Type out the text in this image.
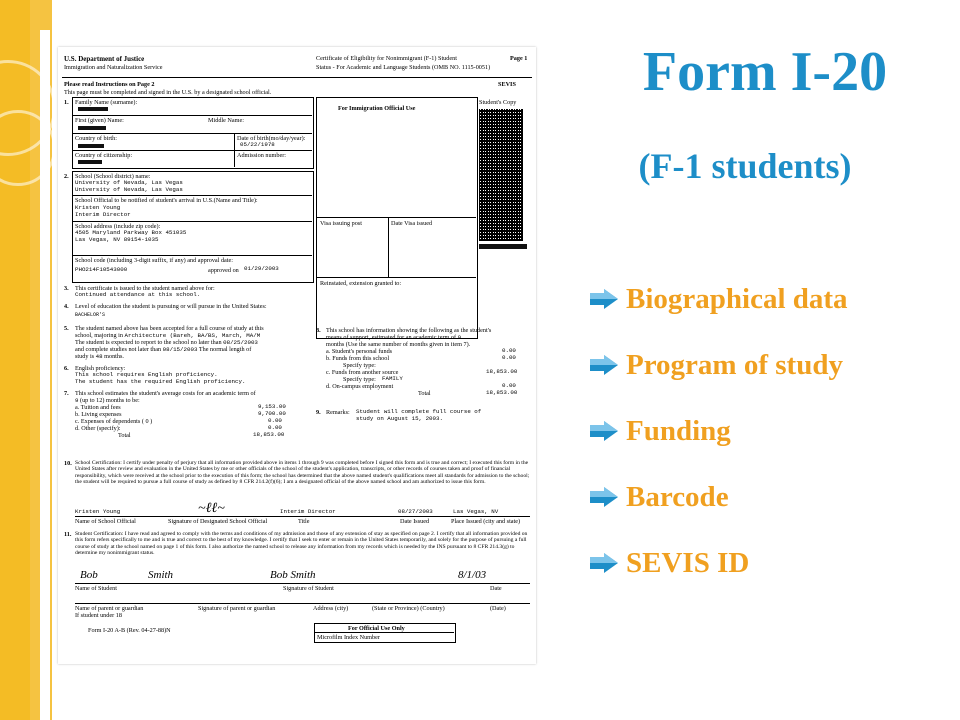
U.S. Department of Justice
Immigration and Naturalization Service
Certificate of Eligibility for Nonimmigrant (F-1) Student
Status - For Academic and Language Students (OMB NO. 1115-0051)
Page 1
Please read Instructions on Page 2	SEVIS
This page must be completed and signed in the U.S. by a designated school official.
1. Family Name (surname):
First (given) Name:	Middle Name:
Country of birth:	Date of birth(mo/day/year):
05/22/1978
Country of citizenship:	Admission number:
For Immigration Official Use
Student's Copy
Visa issuing post	Date Visa issued
Reinstated, extension granted to:
2. School (School district) name:
University of Nevada, Las Vegas
University of Nevada, Las Vegas
School Official to be notified of student's arrival in U.S.(Name and Title):
Kristen Young
Interim Director
School address (include zip code):
4505 Maryland Parkway Box 451035
Las Vegas, NV 89154-1035
School code (including 3-digit suffix, if any) and approval date:
PHO214F10543000	approved on 01/29/2003
3. This certificate is issued to the student named above for:
Continued attendance at this school.
4. Level of education the student is pursuing or will pursue in the United States:
BACHELOR'S
5. The student named above has been accepted for a full course of study at this
school, majoring in Architecture (Bareh, BA/BS, March, MA/M
The student is expected to report to the school no later than 08/25/2003
and complete studies not later than 08/15/2003 The normal length of
study is 48 months.
6. English proficiency:
This school requires English proficiency.
The student has the required English proficiency.
7. This school estimates the student's average costs for an academic term of
9 (up to 12) months to be:
a. Tuition and fees	9,153.00
b. Living expenses	9,700.00
c. Expenses of dependents ( 0 )	0.00
d. Other (specify):	0.00
Total	18,853.00
8. This school has information showing the following as the student's
means of support, estimated for an academic term of 9
months (Use the same number of months given in item 7).
a. Student's personal funds	0.00
b. Funds from this school	0.00
Specify type:
c. Funds from another source	18,853.00
Specify type: FAMILY
d. On-campus employment	0.00
Total	18,853.00
9. Remarks: Student will complete full course of
study on August 15, 2003.
10. School Certification: I certify under penalty of perjury that all information provided above in items 1 through 9 was completed before I signed this form and is true and correct; I executed this form in the United States after review and evaluation in the United States by me or other officials of the school of the student's application, transcripts, or other records of courses taken and proof of financial responsibility, which were received at the school prior to the execution of this form; the school has determined that the above named student's qualifications meet all standards for admission to the school; the student will be required to pursue a full course of study as defined by 8 CFR 214.2(f)(6); I am a designated official of the above named school and am authorized to issue this form.
Kristen Young	~ℓℓ~	Interim Director	08/27/2003	Las Vegas, NV
Name of School Official	Signature of Designated School Official	Title	Date Issued	Place Issued (city and state)
11. Student Certification: I have read and agreed to comply with the terms and conditions of my admission and those of any extension of stay as specified on page 2. I certify that all information provided on this form refers specifically to me and is true and correct to the best of my knowledge. I certify that I seek to enter or remain in the United States temporarily, and solely for the purpose of pursuing a full course of study at the school named on page 1 of this form. I also authorize the named school to release any information from my records which is needed by the INS pursuant to 8 CFR 214.3(g) to determine my nonimmigrant status.
Bob	Smith	Bob Smith	8/1/03
Name of Student	Signature of Student	Date
Name of parent or guardian	Signature of parent or guardian	Address (city)	(State or Province) (Country)	(Date)
If student under 18
Form I-20 A-B (Rev. 04-27-88)N	For Official Use Only
Microfilm Index Number
Form I-20
(F-1 students)
Biographical data
Program of study
Funding
Barcode
SEVIS ID
